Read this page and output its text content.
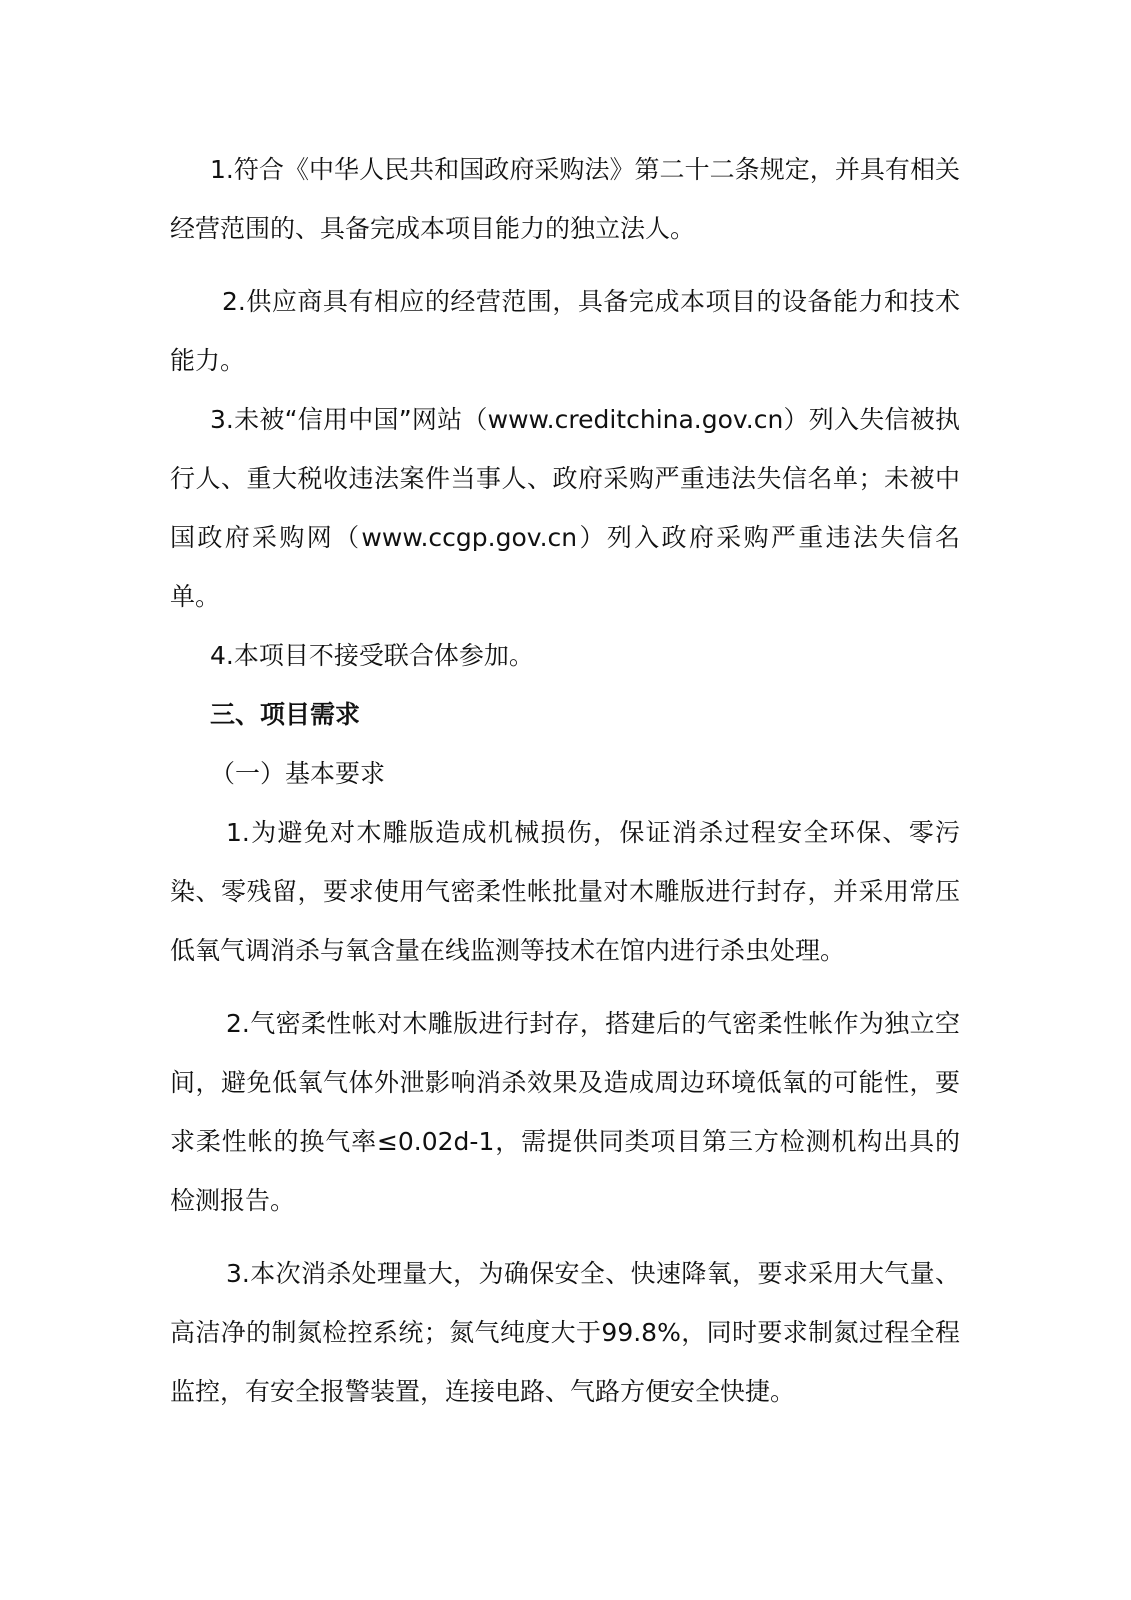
1.符合《中华人民共和国政府采购法》第二十二条规定，并具有相关经营范围的、具备完成本项目能力的独立法人。

2.供应商具有相应的经营范围，具备完成本项目的设备能力和技术能力。

3.未被“信用中国”网站（www.creditchina.gov.cn）列入失信被执行人、重大税收违法案件当事人、政府采购严重违法失信名单；未被中国政府采购网（www.ccgp.gov.cn）列入政府采购严重违法失信名单。

4.本项目不接受联合体参加。

三、项目需求

（一）基本要求

1.为避免对木雕版造成机械损伤，保证消杀过程安全环保、零污染、零残留，要求使用气密柔性帐批量对木雕版进行封存，并采用常压低氧气调消杀与氧含量在线监测等技术在馆内进行杀虫处理。

2.气密柔性帐对木雕版进行封存，搭建后的气密柔性帐作为独立空间，避免低氧气体外泄影响消杀效果及造成周边环境低氧的可能性，要求柔性帐的换气率≤0.02d-1，需提供同类项目第三方检测机构出具的检测报告。

3.本次消杀处理量大，为确保安全、快速降氧，要求采用大气量、高洁净的制氮检控系统；氮气纯度大于99.8%，同时要求制氮过程全程监控，有安全报警装置，连接电路、气路方便安全快捷。
